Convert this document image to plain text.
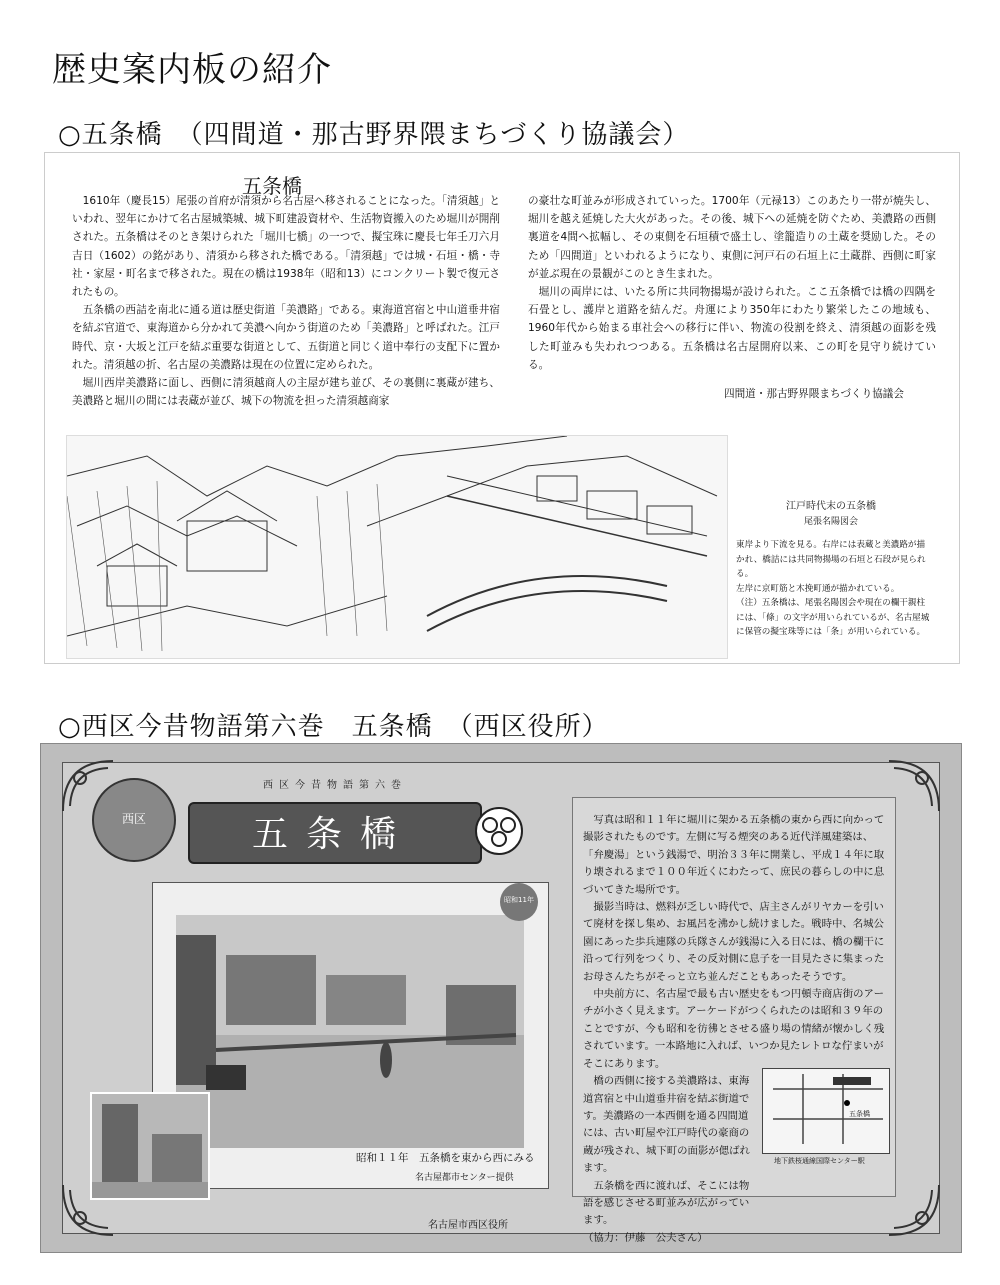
歴史案内板の紹介
○五条橋　（四間道・那古野界隈まちづくり協議会）
五条橋

1610年（慶長15）尾張の首府が清須から名古屋へ移されることになった。「清須越」といわれ、翌年にかけて名古屋城築城、城下町建設資材や、生活物資搬入のため堀川が開削された。五条橋はそのとき架けられた「堀川七橋」の一つで、擬宝珠に慶長七年壬刀六月吉日（1602）の銘があり、清須から移された橋である。「清須越」では城・石垣・橋・寺社・家屋・町名まで移された。現在の橋は1938年（昭和13）にコンクリート製で復元されたもの。

五条橋の西詰を南北に通る道は歴史街道「美濃路」である。東海道宮宿と中山道垂井宿を結ぶ官道で、東海道から分かれて美濃へ向かう街道のため「美濃路」と呼ばれた。江戸時代、京・大坂と江戸を結ぶ重要な街道として、五街道と同じく道中奉行の支配下に置かれた。清須越の折、名古屋の美濃路は現在の位置に定められた。

堀川西岸美濃路に面し、西側に清須越商人の主屋が建ち並び、その裏側に裏蔵が建ち、美濃路と堀川の間には表蔵が並び、城下の物流を担った清須越商家

の豪壮な町並みが形成されていった。1700年（元禄13）このあたり一帯が焼失し、堀川を越え延焼した大火があった。その後、城下への延焼を防ぐため、美濃路の西側裏道を4間へ拡幅し、その東側を石垣積で盛土し、塗籠造りの土蔵を奨励した。そのため「四間道」といわれるようになり、東側に河戸石の石垣上に土蔵群、西側に町家が並ぶ現在の景観がこのとき生まれた。

堀川の両岸には、いたる所に共同物揚場が設けられた。ここ五条橋では橋の四隅を石畳とし、護岸と道路を結んだ。舟運により350年にわたり繁栄したこの地域も、1960年代から始まる車社会への移行に伴い、物流の役割を終え、清須越の面影を残した町並みも失われつつある。五条橋は名古屋開府以来、この町を見守り続けている。

四間道・那古野界隈まちづくり協議会
江戸時代末の五条橋
尾張名陽図会
東岸より下流を見る。右岸には表蔵と美濃路が描かれ、橋詰には共同物揚場の石垣と石段が見られる。
左岸に京町筋と木挽町通が描かれている。
（注）五条橋は、尾張名陽図会や現在の欄干親柱には、「條」の文字が用いられているが、名古屋城に保管の擬宝珠等には「条」が用いられている。
○西区今昔物語第六巻　五条橋　（西区役所）
西区
西区今昔物語第六巻
五条橋
昭和11年
昭和１１年　五条橋を東から西にみる
名古屋都市センター提供

写真は昭和１１年に堀川に架かる五条橋の東から西に向かって撮影されたものです。左側に写る煙突のある近代洋風建築は、「弁慶湯」という銭湯で、明治３３年に開業し、平成１４年に取り壊されるまで１００年近くにわたって、庶民の暮らしの中に息づいてきた場所です。

撮影当時は、燃料が乏しい時代で、店主さんがリヤカーを引いて廃材を探し集め、お風呂を沸かし続けました。戦時中、名城公園にあった歩兵連隊の兵隊さんが銭湯に入る日には、橋の欄干に沿って行列をつくり、その反対側に息子を一目見たさに集まったお母さんたちがそっと立ち並んだこともあったそうです。

中央前方に、名古屋で最も古い歴史をもつ円頓寺商店街のアーチが小さく見えます。アーケードがつくられたのは昭和３９年のことですが、今も昭和を彷彿とさせる盛り場の情緒が懐かしく残されています。一本路地に入れば、いつか見たレトロな佇まいがそこにあります。

橋の西側に接する美濃路は、東海道宮宿と中山道垂井宿を結ぶ街道です。美濃路の一本西側を通る四間道には、古い町屋や江戸時代の豪商の蔵が残され、城下町の面影が偲ばれます。

五条橋を西に渡れば、そこには物語を感じさせる町並みが広がっています。

（協力：伊藤　公夫さん）

五条橋
地下鉄桜通線国際センター駅
名古屋市西区役所
